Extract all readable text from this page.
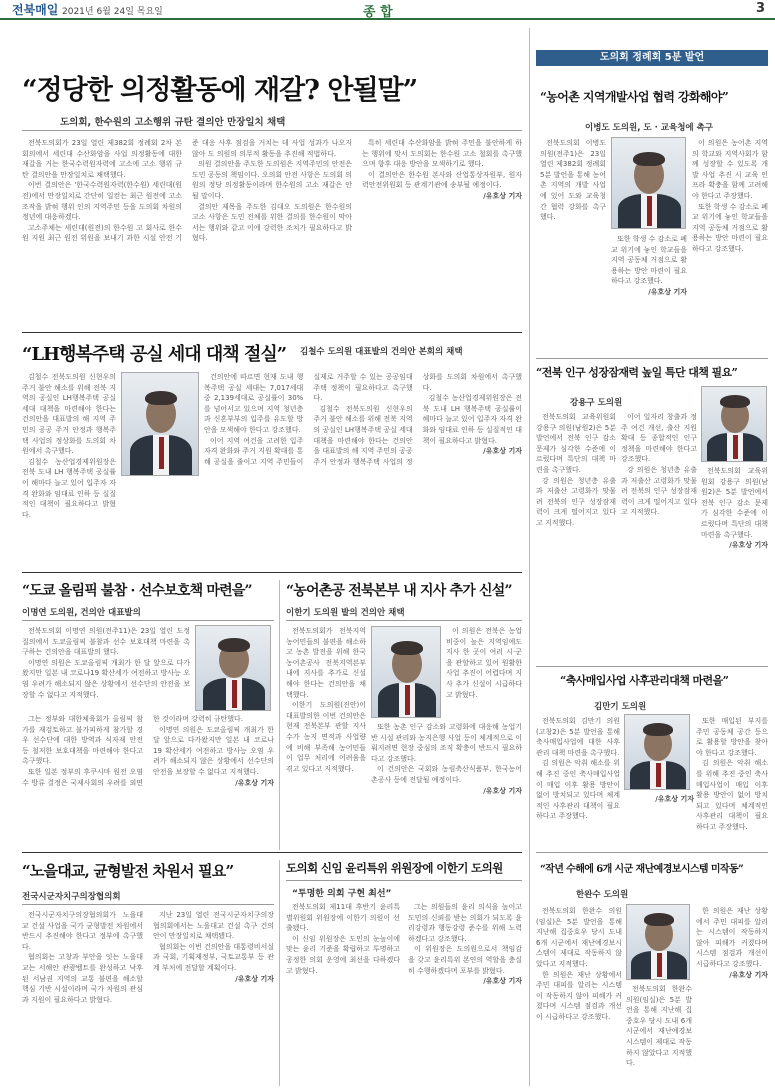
전북매일 2021년 6월 24일 목요일	종 합	3
“정당한 의정활동에 재갈? 안될말”
도의회, 한수원의 고소행위 규탄 결의안 만장일치 채택

전북도의회가 23일 열린 제382회 정례회 2차 본회의에서 세린대 수산화암을 사업 의정활동에 대한 재갈을 거는 한국수력원자력에 고소에 고소 행위 규탄 결의안을 만장일치로 채택했다.

이번 결의안은 '한국수력원자력(한수원) 세린대(원전)에서 만장일치로 간단히 일컫는 최근 원전에 고소 조작을 밝혀 행위 인의 지역주민 등을 도의회 차원의 정년에 대응하겠다.

고소주체는 세린대(원전)의 한수원 고 회사로 한수원 지원 최근 원전 위원을 보내기 과한 시설 안전 기준 대응 사후 점검을 거치는 데 사업 성과가 나오지 않아 도 의원의 의무적 활동을 추진해 적법하다.

의원 결의안을 주도한 도의원은 지역주민의 안전은 도민 공동의 책임이다. 오의회 안전 사항은 도의회 의원의 정당 의정활동이라며 한수원의 고소 재갈은 안 될 말이다.

결의안 제목을 주도한 김대오 도의원은 한수원의 고소 사항은 도민 전체를 위한 결의를 한수원이 막아서는 행위와 같고 이에 강력한 조치가 필요하다고 밝혔다.

특히 세린대 수산화암을 밝혀 주민을 불안하게 하는 행위에 맞서 도의회는 한수원 고소 철회를 촉구했으며 향후 대응 방안을 모색하기로 했다.

이 결의안은 한수원 본사와 산업통상자원부, 원자력안전위원회 등 관계기관에 송부될 예정이다.

/유호상 기자
“LH행복주택 공실 세대 대책 절실”	김철수 도의원 대표발의 건의안 본회의 채택

김철수 전북도의원 신현우의 주거 불안 해소를 위해 전북 지역의 공실인 LH행복주택 공실 세대 대책을 마련해야 한다는 건의안을 대표발의 해 지역 주민의 공공 주거 안정과 행복주택 사업의 정상화를 도의회 차원에서 촉구했다.

김철수 농산업경제위원장은 전북 도내 LH 행복주택 공실률이 해마다 늘고 있어 입주자 자격 완화와 임대료 인하 등 실질적인 대책이 필요하다고 밝혔다.

건의안에 따르면 현재 도내 행복주택 공실 세대는 7,017세대 중 2,139세대로 공실률이 30%를 넘어서고 있으며 지역 청년층과 신혼부부의 입주를 유도할 방안을 모색해야 한다고 강조했다.

이어 지역 여건을 고려한 입주 자격 완화와 주거 지원 확대를 통해 공실을 줄이고 지역 주민들이 실제로 거주할 수 있는 공공임대주택 정책이 필요하다고 촉구했다.

김철수 전북도의원 신현우의 주거 불안 해소를 위해 전북 지역의 공실인 LH행복주택 공실 세대 대책을 마련해야 한다는 건의안을 대표발의 해 지역 주민의 공공 주거 안정과 행복주택 사업의 정상화를 도의회 차원에서 촉구했다.

김철수 농산업경제위원장은 전북 도내 LH 행복주택 공실률이 해마다 늘고 있어 입주자 자격 완화와 임대료 인하 등 실질적인 대책이 필요하다고 밝혔다.

/유호상 기자
“도쿄 올림픽 불참 · 선수보호책 마련을”
이명연 도의원, 건의안 대표발의

전북도의회 이명연 의원(전주11)은 23일 열린 도정질의에서 도쿄올림픽 불참과 선수 보호대책 마련을 촉구하는 건의안을 대표발의 했다.

이명연 의원은 도쿄올림픽 개최가 한 달 앞으로 다가왔지만 일본 내 코로나19 확산세가 여전하고 방사능 오염 우려가 해소되지 않은 상황에서 선수단의 안전을 보장할 수 없다고 지적했다.

그는 정부와 대한체육회가 올림픽 참가를 재검토하고 불가피하게 참가할 경우 선수단에 대한 방역과 식자재 안전 등 철저한 보호대책을 마련해야 한다고 촉구했다.

또한 일본 정부의 후쿠시마 원전 오염수 방류 결정은 국제사회의 우려를 외면한 것이라며 강력히 규탄했다.

이명연 의원은 도쿄올림픽 개최가 한 달 앞으로 다가왔지만 일본 내 코로나19 확산세가 여전하고 방사능 오염 우려가 해소되지 않은 상황에서 선수단의 안전을 보장할 수 없다고 지적했다.

/유호상 기자
“농어촌공 전북본부 내 지사 추가 신설”
이한기 도의원 발의 건의안 채택

전북도의회가 전북지역 농어민들의 불편을 해소하고 농촌 발전을 위해 한국농어촌공사 전북지역본부 내에 지사를 추가로 신설해야 한다는 건의안을 채택했다.

이한기 도의원(진안)이 대표발의한 이번 건의안은 현재 전북본부 관할 지사 수가 농지 면적과 사업량에 비해 부족해 농어민들이 업무 처리에 어려움을 겪고 있다고 지적했다.

이 의원은 전북은 농업 비중이 높은 지역임에도 지사 한 곳이 여러 시·군을 관할하고 있어 원활한 사업 추진이 어렵다며 지사 추가 신설이 시급하다고 밝혔다.

또한 농촌 인구 감소와 고령화에 대응해 농업기반 시설 관리와 농지은행 사업 등이 체계적으로 이뤄지려면 현장 중심의 조직 확충이 반드시 필요하다고 강조했다.

이 건의안은 국회와 농림축산식품부, 한국농어촌공사 등에 전달될 예정이다.

/유호상 기자
“노을대교, 균형발전 차원서 필요”
전국시군자치구의장협의회

전국시군자치구의장협의회가 노을대교 건설 사업을 국가 균형발전 차원에서 반드시 추진해야 한다고 정부에 촉구했다.

협의회는 고창과 부안을 잇는 노을대교는 서해안 관광벨트를 완성하고 낙후된 서남권 지역의 교통 불편을 해소할 핵심 기반 시설이라며 국가 차원의 관심과 지원이 필요하다고 밝혔다.

지난 23일 열린 전국시군자치구의장협의회에서는 노을대교 건설 촉구 건의안이 만장일치로 채택됐다.

협의회는 이번 건의안을 대통령비서실과 국회, 기획재정부, 국토교통부 등 관계 부처에 전달할 계획이다.

/유호상 기자
도의회 신임 윤리특위 위원장에 이한기 도의원
“투명한 의회 구현 최선”

전북도의회 제11대 후반기 윤리특별위원회 위원장에 이한기 의원이 선출됐다.

이 신임 위원장은 도민의 눈높이에 맞는 윤리 기준을 확립하고 투명하고 공정한 의회 운영에 최선을 다하겠다고 밝혔다.

그는 의원들의 윤리 의식을 높이고 도민의 신뢰를 받는 의회가 되도록 윤리강령과 행동강령 준수를 위해 노력하겠다고 강조했다.

이 위원장은 도의원으로서 책임감을 갖고 윤리특위 본연의 역할을 충실히 수행하겠다며 포부를 밝혔다.

/유호상 기자
도의회 정례회 5분 발언
“농어촌 지역개발사업 협력 강화해야”
이병도 도의원, 도 · 교육청에 촉구

전북도의회 이병도 의원(전주1)은 23일 열린 제382회 정례회 5분 발언을 통해 농어촌 지역의 개발 사업에 있어 도와 교육청 간 협력 강화를 촉구했다.

이 의원은 농어촌 지역의 학교와 지역사회가 함께 성장할 수 있도록 개발 사업 추진 시 교육 인프라 확충을 함께 고려해야 한다고 주장했다.

또한 학생 수 감소로 폐교 위기에 놓인 학교들을 지역 공동체 거점으로 활용하는 방안 마련이 필요하다고 강조했다.

또한 학생 수 감소로 폐교 위기에 놓인 학교들을 지역 공동체 거점으로 활용하는 방안 마련이 필요하다고 강조했다.

/유호상 기자
“전북 인구 성장잠재력 높일 특단 대책 필요”
강용구 도의원

전북도의회 교육위원회 강용구 의원(남원2)은 5분 발언에서 전북 인구 감소 문제가 심각한 수준에 이르렀다며 특단의 대책 마련을 촉구했다.

강 의원은 청년층 유출과 저출산 고령화가 맞물려 전북의 인구 성장잠재력이 크게 떨어지고 있다고 지적했다.

이어 일자리 창출과 정주 여건 개선, 출산 지원 확대 등 종합적인 인구 정책을 마련해야 한다고 강조했다.

강 의원은 청년층 유출과 저출산 고령화가 맞물려 전북의 인구 성장잠재력이 크게 떨어지고 있다고 지적했다.

전북도의회 교육위원회 강용구 의원(남원2)은 5분 발언에서 전북 인구 감소 문제가 심각한 수준에 이르렀다며 특단의 대책 마련을 촉구했다.

/유호상 기자
“축사매입사업 사후관리대책 마련을”
김만기 도의원

전북도의회 김만기 의원(고창2)은 5분 발언을 통해 축사매입사업에 대한 사후관리 대책 마련을 촉구했다.

김 의원은 악취 해소를 위해 추진 중인 축사매입사업이 매입 이후 활용 방안이 없어 방치되고 있다며 체계적인 사후관리 대책이 필요하다고 주장했다.

또한 매입된 부지를 주민 공동체 공간 등으로 활용할 방안을 찾아야 한다고 강조했다.

김 의원은 악취 해소를 위해 추진 중인 축사매입사업이 매입 이후 활용 방안이 없어 방치되고 있다며 체계적인 사후관리 대책이 필요하다고 주장했다.

/유호상 기자
“작년 수해에 6개 시군 재난예경보시스템 미작동”
한완수 도의원

전북도의회 한완수 의원(임실)은 5분 발언을 통해 지난해 집중호우 당시 도내 6개 시군에서 재난예경보시스템이 제대로 작동하지 않았다고 지적했다.

한 의원은 재난 상황에서 주민 대피를 알리는 시스템이 작동하지 않아 피해가 커졌다며 시스템 점검과 개선이 시급하다고 강조했다.

한 의원은 재난 상황에서 주민 대피를 알리는 시스템이 작동하지 않아 피해가 커졌다며 시스템 점검과 개선이 시급하다고 강조했다.

/유호상 기자

전북도의회 한완수 의원(임실)은 5분 발언을 통해 지난해 집중호우 당시 도내 6개 시군에서 재난예경보시스템이 제대로 작동하지 않았다고 지적했다.
